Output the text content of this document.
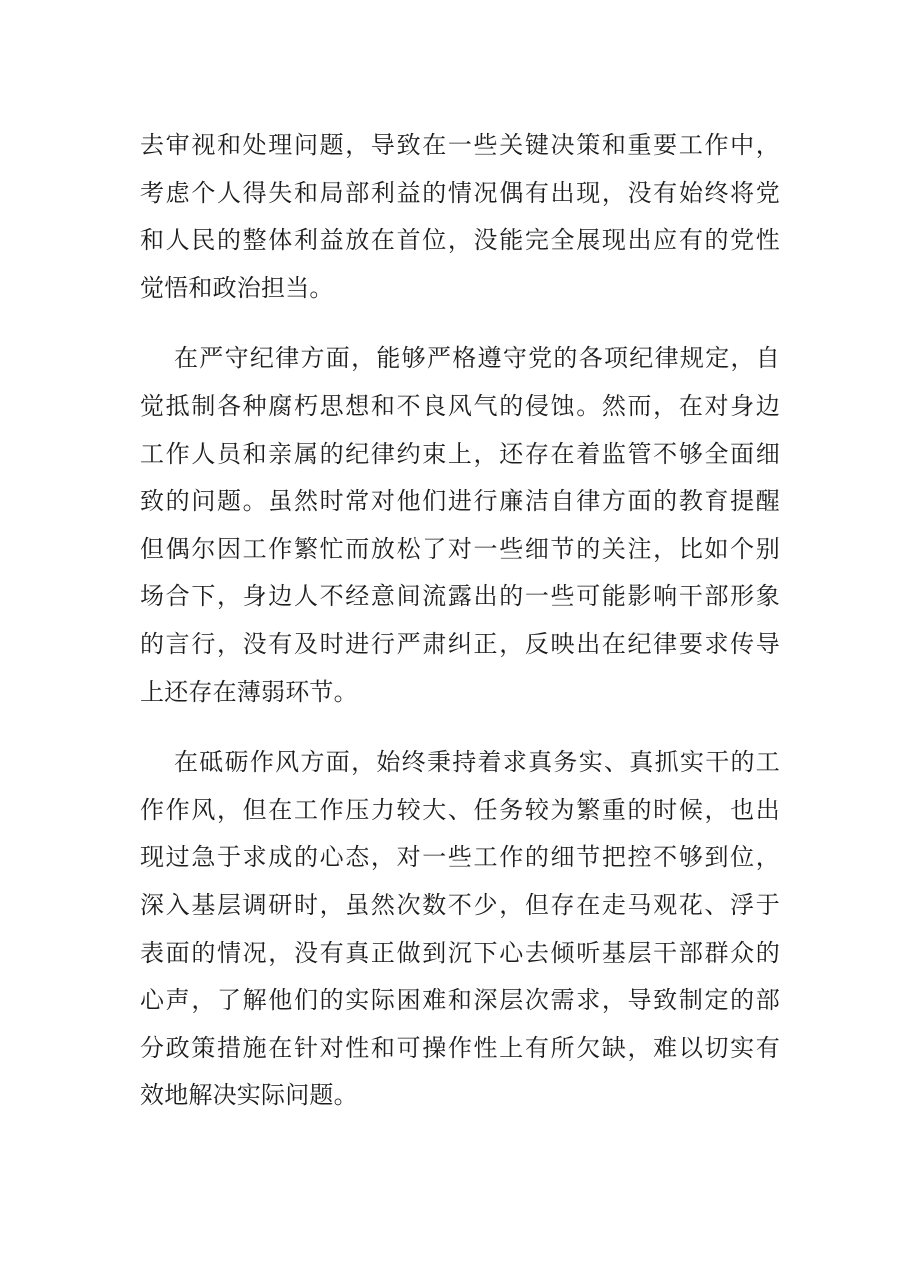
去审视和处理问题，导致在一些关键决策和重要工作中，
考虑个人得失和局部利益的情况偶有出现，没有始终将党
和人民的整体利益放在首位，没能完全展现出应有的党性
觉悟和政治担当。
在严守纪律方面，能够严格遵守党的各项纪律规定，自
觉抵制各种腐朽思想和不良风气的侵蚀。然而，在对身边
工作人员和亲属的纪律约束上，还存在着监管不够全面细
致的问题。虽然时常对他们进行廉洁自律方面的教育提醒
但偶尔因工作繁忙而放松了对一些细节的关注，比如个别
场合下，身边人不经意间流露出的一些可能影响干部形象
的言行，没有及时进行严肃纠正，反映出在纪律要求传导
上还存在薄弱环节。
在砥砺作风方面，始终秉持着求真务实、真抓实干的工
作作风，但在工作压力较大、任务较为繁重的时候，也出
现过急于求成的心态，对一些工作的细节把控不够到位，
深入基层调研时，虽然次数不少，但存在走马观花、浮于
表面的情况，没有真正做到沉下心去倾听基层干部群众的
心声，了解他们的实际困难和深层次需求，导致制定的部
分政策措施在针对性和可操作性上有所欠缺，难以切实有
效地解决实际问题。
